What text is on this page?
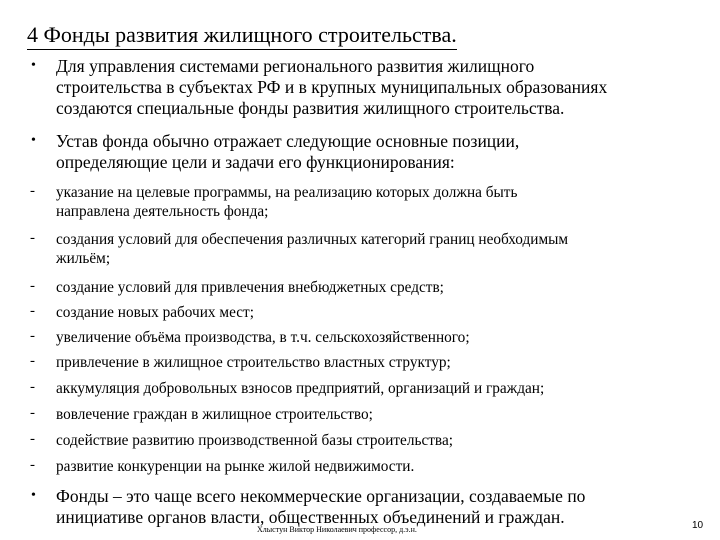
4 Фонды развития жилищного строительства.
• Для управления системами регионального развития жилищного
строительства в субъектах РФ и в крупных муниципальных образованиях
создаются специальные фонды развития жилищного строительства.
• Устав фонда обычно отражает следующие основные позиции,
определяющие цели и задачи его функционирования:
- указание на целевые программы, на реализацию которых должна быть
направлена деятельность фонда;
- создания условий для обеспечения различных категорий границ необходимым
жильём;
- создание условий для привлечения внебюджетных средств;
- создание новых рабочих мест;
- увеличение объёма производства, в т.ч. сельскохозяйственного;
- привлечение в жилищное строительство властных структур;
- аккумуляция добровольных взносов предприятий, организаций и граждан;
- вовлечение граждан в жилищное строительство;
- содействие развитию производственной базы строительства;
- развитие конкуренции на рынке жилой недвижимости.
• Фонды – это чаще всего некоммерческие организации, создаваемые по
инициативе органов власти, общественных объединений и граждан.
Хлыстун Виктор Николаевич профессор, д.э.н.	10
